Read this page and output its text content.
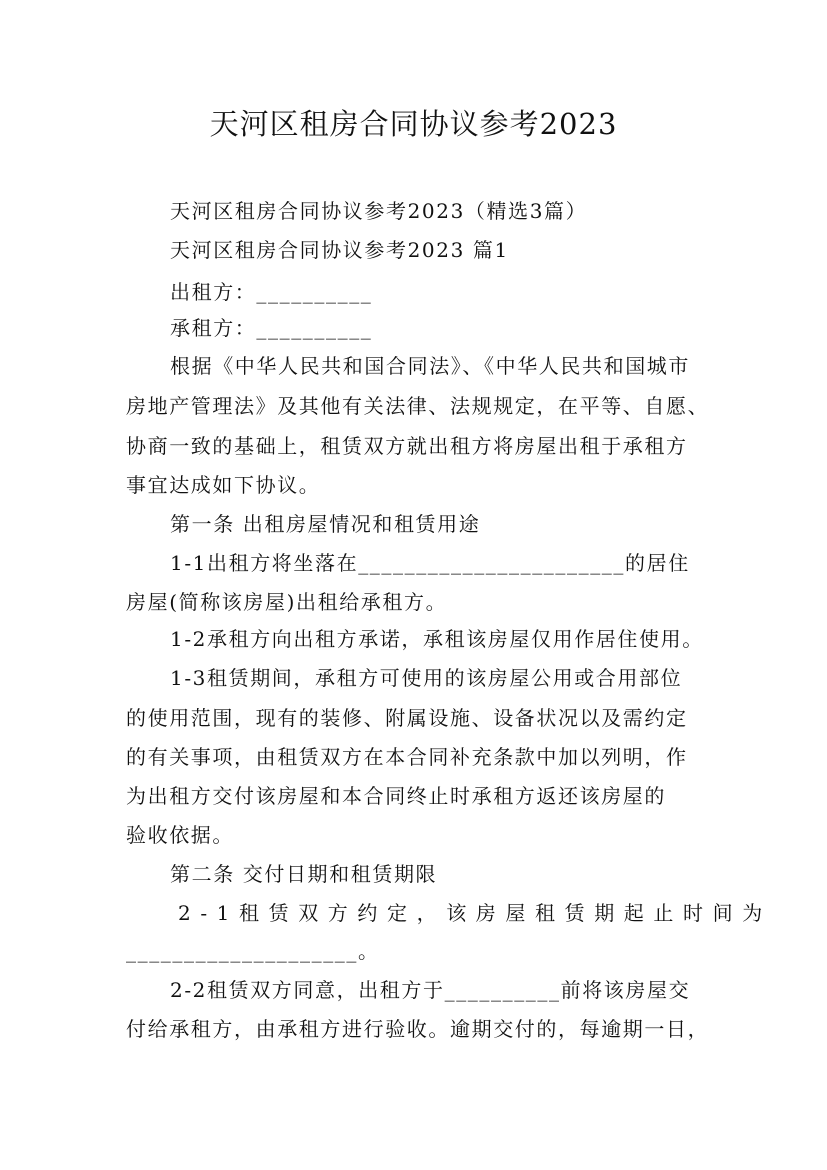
天河区租房合同协议参考2023
天河区租房合同协议参考2023（精选3篇）
天河区租房合同协议参考2023 篇1
出租方：__________
承租方：__________
根据《中华人民共和国合同法》、《中华人民共和国城市
房地产管理法》及其他有关法律、法规规定，在平等、自愿、
协商一致的基础上，租赁双方就出租方将房屋出租于承租方
事宜达成如下协议。
第一条 出租房屋情况和租赁用途
1-1出租方将坐落在_______________________的居住
房屋(简称该房屋)出租给承租方。
1-2承租方向出租方承诺，承租该房屋仅用作居住使用。
1-3租赁期间，承租方可使用的该房屋公用或合用部位
的使用范围，现有的装修、附属设施、设备状况以及需约定
的有关事项，由租赁双方在本合同补充条款中加以列明，作
为出租方交付该房屋和本合同终止时承租方返还该房屋的
验收依据。
第二条 交付日期和租赁期限
2-1租赁双方约定，该房屋租赁期起止时间为
____________________。
2-2租赁双方同意，出租方于__________前将该房屋交
付给承租方，由承租方进行验收。逾期交付的，每逾期一日，
